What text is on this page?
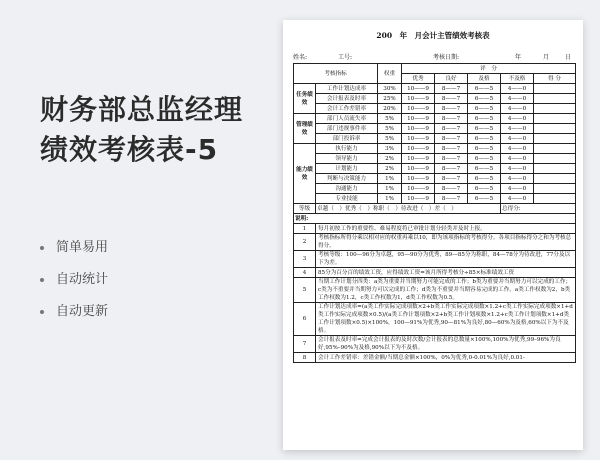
财务部总监经理
绩效考核表-5
简单易用
自动统计
自动更新
200　年　月会计主管绩效考核表
姓名:	工号:	考核日期:	年	月	日
考核指标		权重	评　分				
			优秀	良好	及格	不及格	得 分
任务绩效	工作计划达成率	30%	10——9	8——7	6——5	4——0	
	会计报表及时率	25%	10——9	8——7	6——5	4——0	
	会计工作差错率	20%	10——9	8——7	6——5	4——0	
管理绩效	部门人员流失率	5%	10——9	8——7	6——5	4——0	
	部门违规事件率	5%	10——9	8——7	6——5	4——0	
	部门投诉率	5%	10——9	8——7	6——5	4——0	
能力绩效	执行能力	3%	10——9	8——7	6——5	4——0	
	领导能力	2%	10——9	8——7	6——5	4——0	
	计划能力	2%	10——9	8——7	6——5	4——0	
	判断与决策能力	1%	10——9	8——7	6——5	4——0	
	沟通能力	1%	10——9	8——7	6——5	4——0	
	专业技能	1%	10——9	8——7	6——5	4——0	
等级	卓越（　）优秀（　）称职（　）待改进（　）差（　）					总得分:	
说明:							
1	每月初按工作的重要性、难易程度将已审批计划分轻类并及时上报。						
2	考核指标所得分乘以相对应的权重再乘以10，即为该项指标的考核得分。各项目指标得分之和为考核总得分。						
3	考核等级：100—96分为卓越，95—90分为优秀，89—85分为称职，84—78分为待改进，77分及以下为差。						
4	85分为百分百的绩效工资，应得绩效工资=该月所得考核分÷85×标准绩效工资						
5	当期工作计划分四类：a类为重要并当期努力可能完成的工作；b类为重要并当期努力可以完成的工作；c类为不重要并当期努力可以完成的工作；d类为不重要并当期容易完成的工作。a类工作权数为2，b类工作权数为1.2，c类工作权数为1，d类工作权数为0.5。						
6	工作计划达成率=(a类工作实际完成项数×2+b类工作实际完成项数×1.2+c类工作实际完成项数×1+d类工作实际完成项数×0.5)/(a类工作计划项数×2+b类工作计划项数×1.2+c类工作计划项数×1+d类工作计划项数×0.5)×100%，100—91%为优秀,90—81%为良好,80—60%为及格,60%以下为不及格。						
7	会计报表及时率=完成会计报表的及时次数/会计报表的总数量×100%,100%为优秀,99–96%为良好,95%–90%为及格,90%以下为不及格。						
8	会计工作差错率：差错金额/当期总金额×100%，0%为优秀,0-0.01%为良好,0.01-						
